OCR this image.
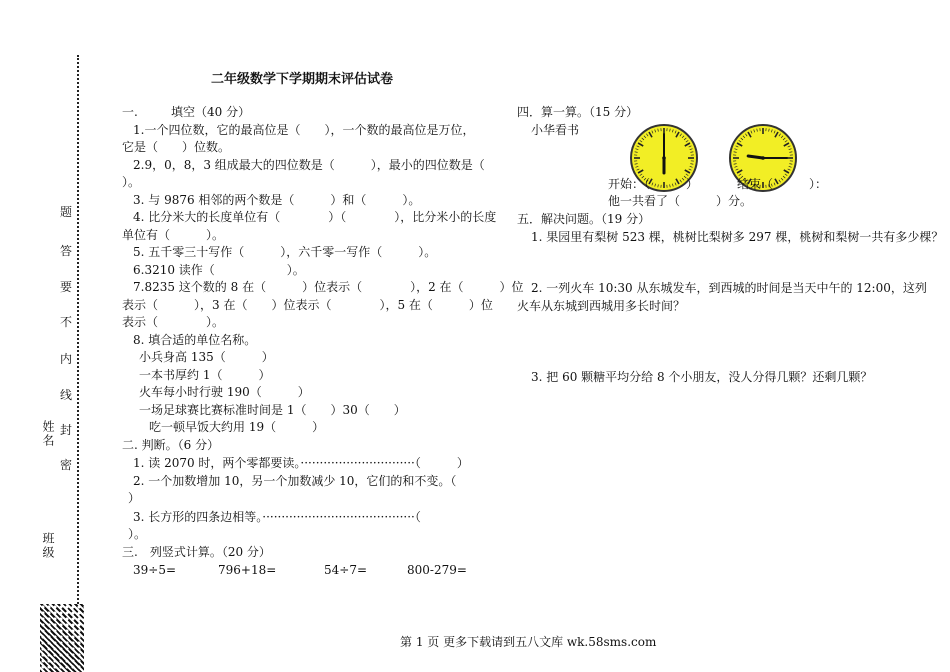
题
答
要
不
内
线
封
密
姓名
班级
二年级数学下学期期末评估试卷
一.	填空（40 分）
1.一个四位数，它的最高位是（　　），一个数的最高位是万位，
它是（　　）位数。
2.9，0，8，3 组成最大的四位数是（　　　），最小的四位数是（
）。
3. 与 9876 相邻的两个数是（　　　）和（　　　）。
4. 比分米大的长度单位有（　　　　）（　　　　），比分米小的长度
单位有（　　　）。
5. 五千零三十写作（　　　），六千零一写作（　　　）。
6.3210 读作（　　　　　　）。
7.8235 这个数的 8 在（　　　）位表示（　　　　），2 在（　　　）位
表示（　　　），3 在（　　）位表示（　　　　），5 在（　　　）位
表示（　　　　）。
8. 填合适的单位名称。
小兵身高 135（　　　）
一本书厚约 1（　　　）
火车每小时行驶 190（　　　）
一场足球赛比赛标准时间是 1（　　）30（　　）
吃一顿早饭大约用 19（　　　）
二. 判断。（6 分）
1. 读 2070 时，两个零都要读。······························（　　　）
2. 一个加数增加 10，另一个加数减少 10，它们的和不变。（
）
3. 长方形的四条边相等。········································（
）。
三.　列竖式计算。（20 分）
39÷5=	796+18=	54÷7=	800-279=
四．算一算。（15 分）
小华看书
开始：（　　　）	结束（　　　）：
他一共看了（　　　）分。
五．解决问题。（19 分）
1. 果园里有梨树 523 棵，桃树比梨树多 297 棵，桃树和梨树一共有多少棵？
2. 一列火车 10:30 从东城发车，到西城的时间是当天中午的 12:00，这列
火车从东城到西城用多长时间？
3. 把 60 颗糖平均分给 8 个小朋友，没人分得几颗？还剩几颗？
第 1 页 更多下载请到五八文库 wk.58sms.com
